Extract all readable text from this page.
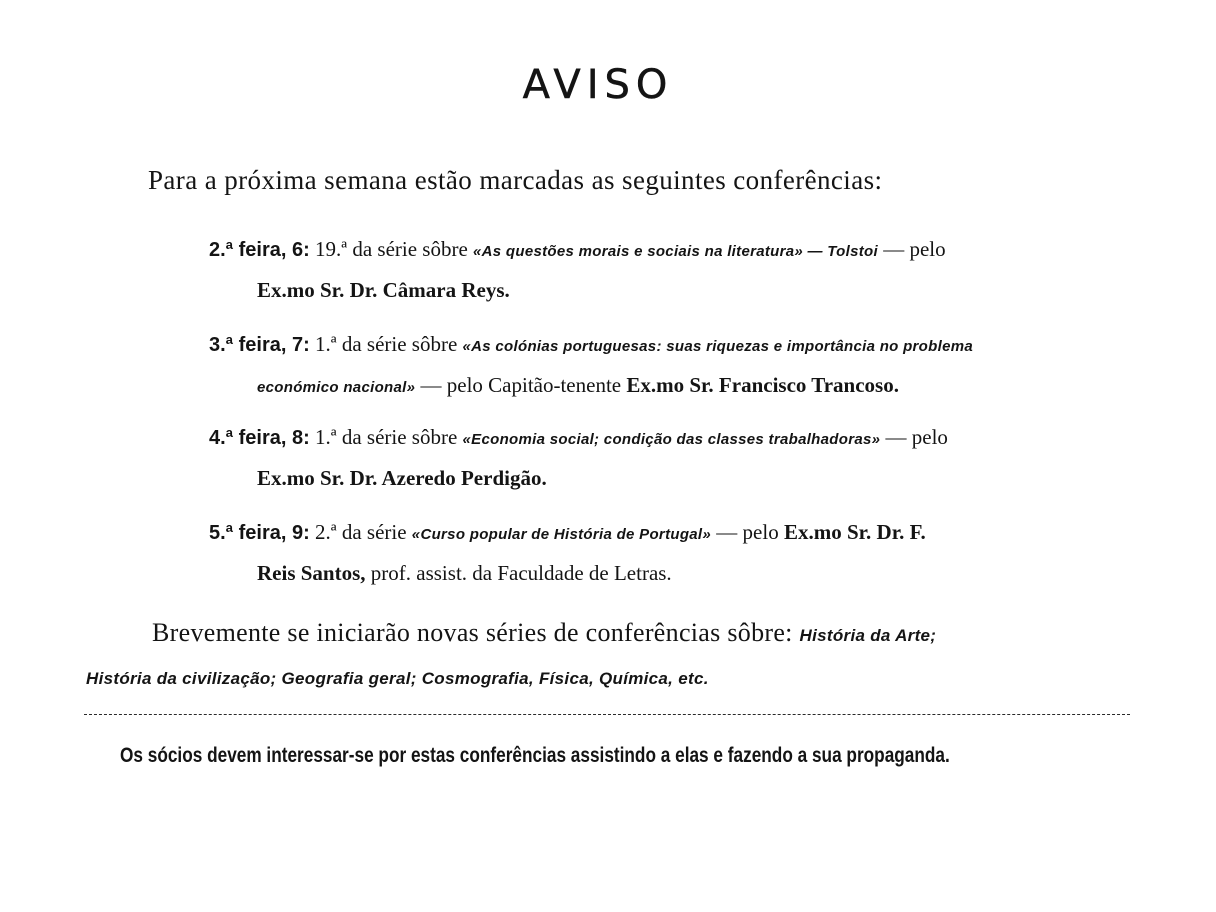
AVISO
Para a próxima semana estão marcadas as seguintes conferências:
2.ª feira, 6: 19.ª da série sôbre «As questões morais e sociais na literatura» — Tolstoi — pelo
Ex.mo Sr. Dr. Câmara Reys.
3.ª feira, 7: 1.ª da série sôbre «As colónias portuguesas: suas riquezas e importância no problema
económico nacional» — pelo Capitão-tenente Ex.mo Sr. Francisco Trancoso.
4.ª feira, 8: 1.ª da série sôbre «Economia social; condição das classes trabalhadoras» — pelo
Ex.mo Sr. Dr. Azeredo Perdigão.
5.ª feira, 9: 2.ª da série «Curso popular de História de Portugal» — pelo Ex.mo Sr. Dr. F.
Reis Santos, prof. assist. da Faculdade de Letras.
Brevemente se iniciarão novas séries de conferências sôbre: História da Arte;
História da civilização; Geografia geral; Cosmografia, Física, Química, etc.
Os sócios devem interessar-se por estas conferências assistindo a elas e fazendo a sua propaganda.
